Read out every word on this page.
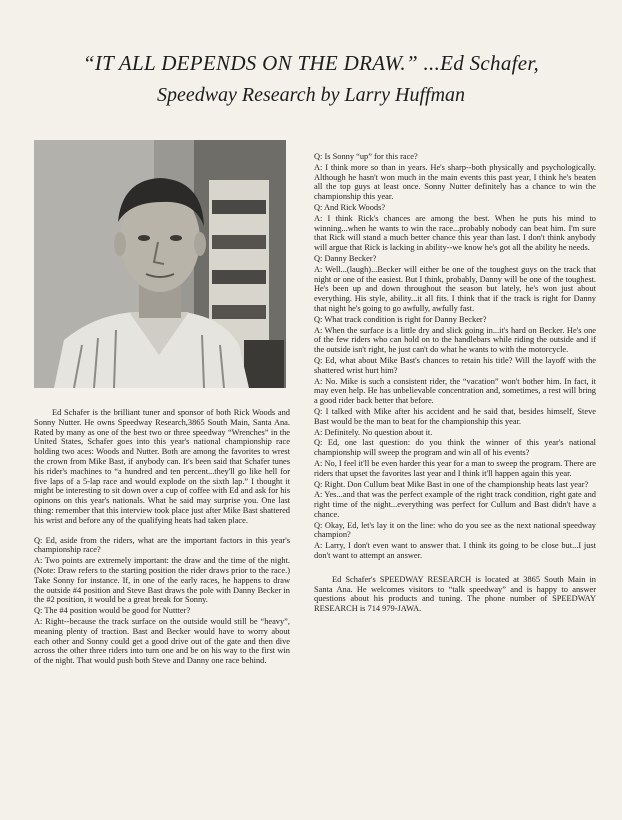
“IT ALL DEPENDS ON THE DRAW.” ...Ed Schafer,
Speedway Research by Larry Huffman

Ed Schafer is the brilliant tuner and sponsor of both Rick Woods and Sonny Nutter. He owns Speedway Research,3865 South Main, Santa Ana. Rated by many as one of the best two or three speedway “Wrenches” in the United States, Schafer goes into this year's national championship race holding two aces: Woods and Nutter. Both are among the favorites to wrest the crown from Mike Bast, if anybody can. It's been said that Schafer tunes his rider's machines to “a hundred and ten percent...they'll go like hell for five laps of a 5-lap race and would explode on the sixth lap.” I thought it might be interesting to sit down over a cup of coffee with Ed and ask for his opinons on this year's nationals. What he said may surprise you. One last thing: remember that this interview took place just after Mike Bast shattered his wrist and before any of the qualifying heats had taken place.

Q: Ed, aside from the riders, what are the important factors in this year's championship race?

A: Two points are extremely important: the draw and the time of the night. (Note: Draw refers to the starting position the rider draws prior to the race.) Take Sonny for instance. If, in one of the early races, he happens to draw the outside #4 position and Steve Bast draws the pole with Danny Becker in the #2 position, it would be a great break for Sonny.

Q: The #4 position would be good for Nuttter?

A: Right--because the track surface on the outside would still be “heavy”, meaning plenty of traction. Bast and Becker would have to worry about each other and Sonny could get a good drive out of the gate and then dive across the other three riders into turn one and be on his way to the first win of the night. That would push both Steve and Danny one race behind.

Q: Is Sonny “up” for this race?

A: I think more so than in years. He's sharp--both physically and psychologically. Although he hasn't won much in the main events this past year, I think he's beaten all the top guys at least once. Sonny Nutter definitely has a chance to win the championship this year.

Q: And Rick Woods?

A: I think Rick's chances are among the best. When he puts his mind to winning...when he wants to win the race...probably nobody can beat him. I'm sure that Rick will stand a much better chance this year than last. I don't think anybody will argue that Rick is lacking in ability--we know he's got all the ability he needs.

Q: Danny Becker?

A: Well...(laugh)...Becker will either be one of the toughest guys on the track that night or one of the easiest. But I think, probably, Danny will be one of the toughest. He's been up and down throughout the season but lately, he's won just about everything. His style, ability...it all fits. I think that if the track is right for Danny that night he's going to go awfully, awfully fast.

Q: What track condition is right for Danny Becker?

A: When the surface is a little dry and slick going in...it's hard on Becker. He's one of the few riders who can hold on to the handlebars while riding the outside and if the outside isn't right, he just can't do what he wants to with the motorcycle.

Q: Ed, what about Mike Bast's chances to retain his title? Will the layoff with the shattered wrist hurt him?

A: No. Mike is such a consistent rider, the “vacation” won't bother him. In fact, it may even help. He has unbelievable concentration and, sometimes, a rest will bring a good rider back better that before.

Q: I talked with Mike after his accident and he said that, besides himself, Steve Bast would be the man to beat for the championship this year.

A: Definitely. No question about it.

Q: Ed, one last question: do you think the winner of this year's national championship will sweep the program and win all of his events?

A: No, I feel it'll be even harder this year for a man to sweep the program. There are riders that upset the favorites last year and I think it'll happen again this year.

Q: Right. Don Cullum beat Mike Bast in one of the championship heats last year?

A: Yes...and that was the perfect example of the right track condition, right gate and right time of the night...everything was perfect for Cullum and Bast didn't have a chance.

Q: Okay, Ed, let's lay it on the line: who do you see as the next national speedway champion?

A: Larry, I don't even want to answer that. I think its going to be close but...I just don't want to attempt an answer.

Ed Schafer's SPEEDWAY RESEARCH is located at 3865 South Main in Santa Ana. He welcomes visitors to “talk speedway” and is happy to answer questions about his products and tuning. The phone number of SPEEDWAY RESEARCH is 714 979-JAWA.
